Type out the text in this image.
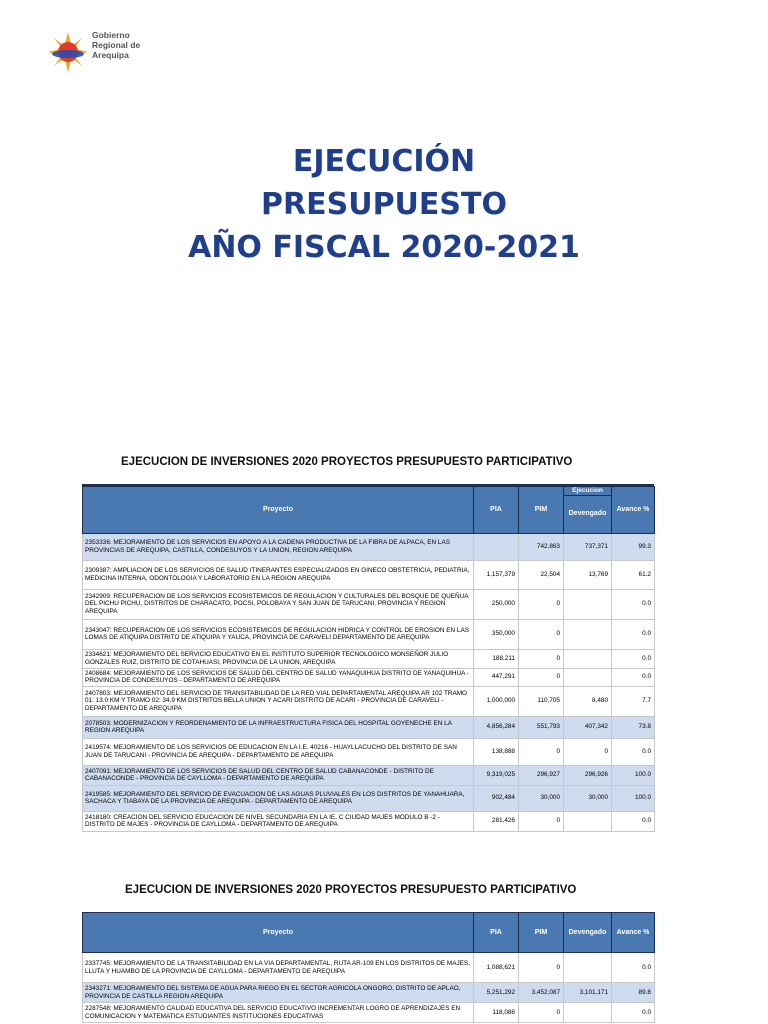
Gobierno
Regional de
Arequipa
EJECUCIÓN
PRESUPUESTO
AÑO FISCAL 2020-2021
EJECUCION DE INVERSIONES 2020 PROYECTOS PRESUPUESTO PARTICIPATIVO
Proyecto	PIA	PIM	Ejecucion	Avance %
			Devengado	
2353336: MEJORAMIENTO DE LOS SERVICIOS EN APOYO A LA CADENA PRODUCTIVA DE LA FIBRA DE ALPACA, EN LAS PROVINCIAS DE AREQUIPA, CASTILLA, CONDESUYOS Y LA UNION, REGION AREQUIPA		742,863	737,371	99.3
2309387: AMPLIACION DE LOS SERVICIOS DE SALUD ITINERANTES ESPECIALIZADOS EN GINECO OBSTETRICIA, PEDIATRIA, MEDICINA INTERNA, ODONTOLOGIA Y LABORATORIO EN LA REGION AREQUIPA	1,157,379	22,504	13,769	61.2
2342909: RECUPERACION DE LOS SERVICIOS ECOSISTEMICOS DE REGULACION Y CULTURALES DEL BOSQUE DE QUEÑUA DEL PICHU PICHU, DISTRITOS DE CHARACATO, POCSI, POLOBAYA Y SAN JUAN DE TARUCANI, PROVINCIA Y REGION AREQUIPA	250,000	0		0.0
2343047: RECUPERACION DE LOS SERVICIOS ECOSISTEMICOS DE REGULACION HIDRICA Y CONTROL DE EROSION EN LAS LOMAS DE ATIQUIPA DISTRITO DE ATIQUIPA Y YAUCA, PROVINCIA DE CARAVELI DEPARTAMENTO DE AREQUIPA	350,000	0		0.0
2334621: MEJORAMIENTO DEL SERVICIO EDUCATIVO EN EL INSTITUTO SUPERIOR TECNOLOGICO MONSEÑOR JULIO GONZALES RUIZ, DISTRITO DE COTAHUASI, PROVINCIA DE LA UNION, AREQUIPA	188,211	0		0.0
2408684: MEJORAMIENTO DE LOS SERVICIOS DE SALUD DEL CENTRO DE SALUD YANAQUIHUA DISTRITO DE YANAQUIHUA - PROVINCIA DE CONDESUYOS - DEPARTAMENTO DE AREQUIPA	447,291	0		0.0
2407803: MEJORAMIENTO DEL SERVICIO DE TRANSITABILIDAD DE LA RED VIAL DEPARTAMENTAL AREQUIPA AR 102 TRAMO 01: 13.0 KM Y TRAMO 02: 34.9 KM DISTRITOS BELLA UNION Y ACARI DISTRITO DE ACARI - PROVINCIA DE CARAVELI - DEPARTAMENTO DE AREQUIPA	1,000,000	110,705	8,480	7.7
2078503: MODERNIZACION Y REORDENAMIENTO DE LA INFRAESTRUCTURA FISICA DEL HOSPITAL GOYENECHE EN LA REGION AREQUIPA	4,856,284	551,793	407,342	73.8
2419574: MEJORAMIENTO DE LOS SERVICIOS DE EDUCACION EN LA I.E. 40216 - HUAYLLACUCHO DEL DISTRITO DE SAN JUAN DE TARUCANI - PROVINCIA DE AREQUIPA - DEPARTAMENTO DE AREQUIPA	138,888	0	0	0.0
2407091: MEJORAMIENTO DE LOS SERVICIOS DE SALUD DEL CENTRO DE SALUD CABANACONDE - DISTRITO DE CABANACONDE - PROVINCIA DE CAYLLOMA - DEPARTAMENTO DE AREQUIPA	9,319,025	296,927	296,926	100.0
2419585: MEJORAMIENTO DEL SERVICIO DE EVACUACION DE LAS AGUAS PLUVIALES EN LOS DISTRITOS DE YANAHUARA, SACHACA Y TIABAYA DE LA PROVINCIA DE AREQUIPA - DEPARTAMENTO DE AREQUIPA	902,484	30,000	30,000	100.0
2418180: CREACION DEL SERVICIO EDUCACION DE NIVEL SECUNDARIA EN LA IE. C CIUDAD MAJES MODULO B -2 - DISTRITO DE MAJES - PROVINCIA DE CAYLLOMA - DEPARTAMENTO DE AREQUIPA	281,426	0		0.0
EJECUCION DE INVERSIONES 2020 PROYECTOS PRESUPUESTO PARTICIPATIVO
Proyecto	PIA	PIM	Devengado	Avance %
2337745: MEJORAMIENTO DE LA TRANSITABILIDAD EN LA VIA DEPARTAMENTAL, RUTA AR-109 EN LOS DISTRITOS DE MAJES, LLUTA Y HUAMBO DE LA PROVINCIA DE CAYLLOMA - DEPARTAMENTO DE AREQUIPA	1,088,621	0		0.0
2343271: MEJORAMIENTO DEL SISTEMA DE AGUA PARA RIEGO EN EL SECTOR AGRICOLA ONGORO, DISTRITO DE APLAO, PROVINCIA DE CASTILLA REGION AREQUIPA	5,251,292	3,452,087	3,101,171	89.8
2287548: MEJORAMIENTO CALIDAD EDUCATIVA DEL SERVICIO EDUCATIVO INCREMENTAR LOGRO DE APRENDIZAJES EN COMUNICACION Y MATEMATICA ESTUDIANTES INSTITUCIONES EDUCATIVAS	118,088	0		0.0
